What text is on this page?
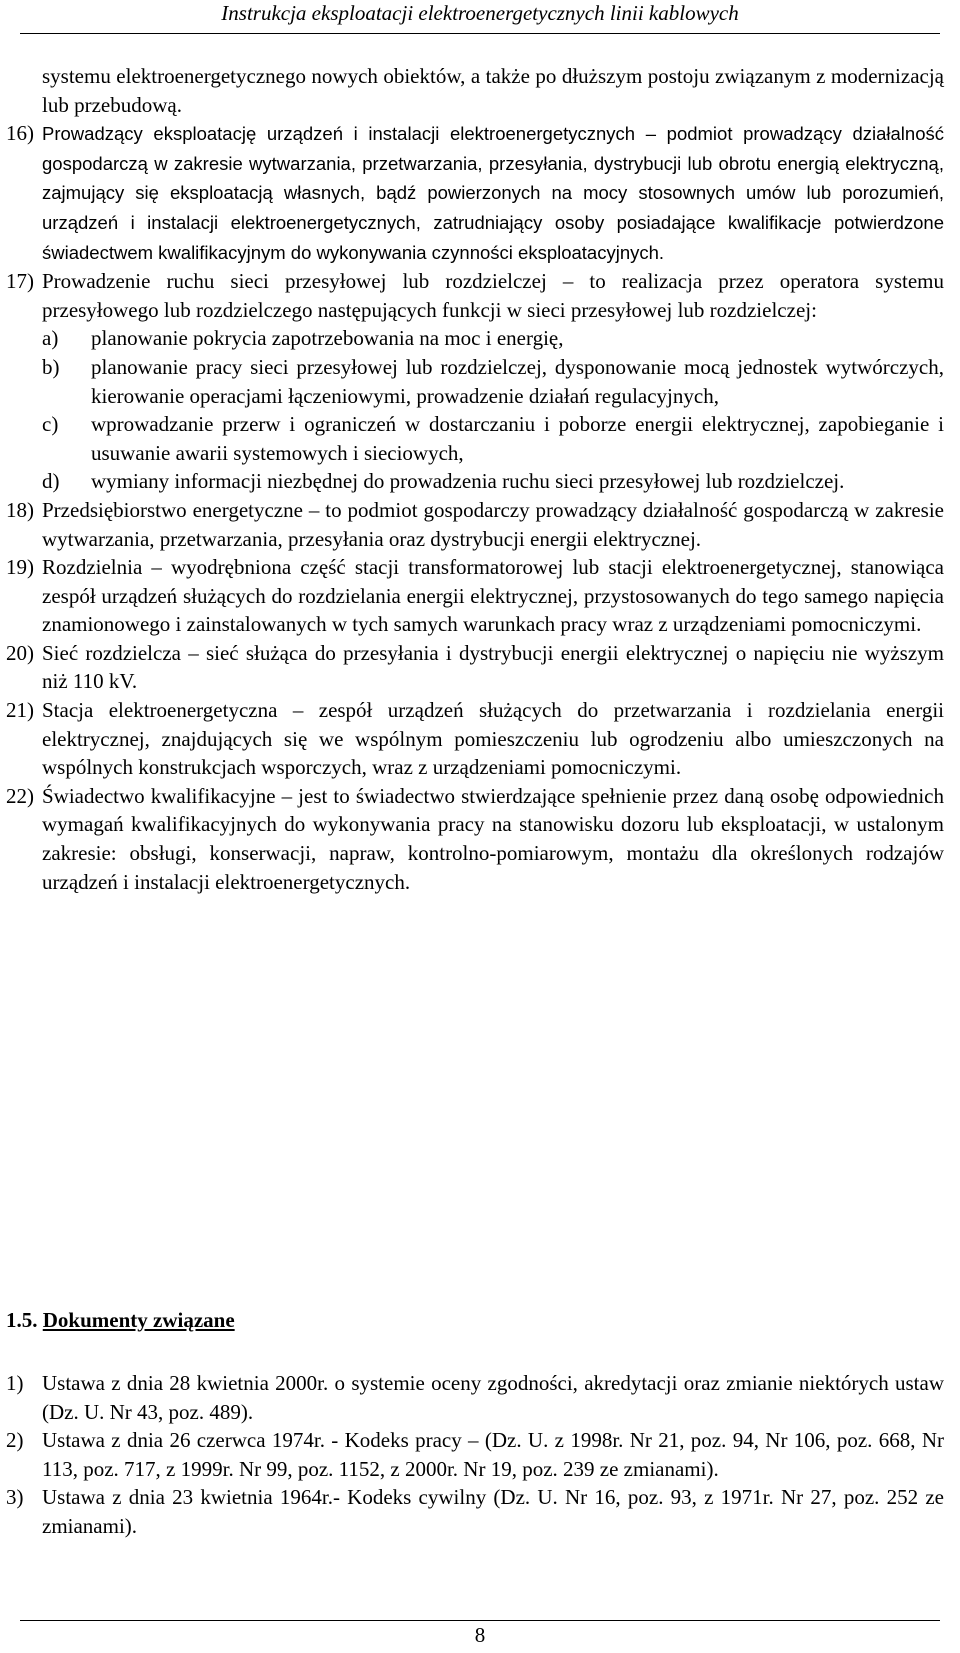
Instrukcja eksploatacji elektroenergetycznych linii kablowych
systemu elektroenergetycznego nowych obiektów, a także po dłuższym postoju związanym z modernizacją lub przebudową.
16) Prowadzący eksploatację urządzeń i instalacji elektroenergetycznych – podmiot prowadzący działalność gospodarczą w zakresie wytwarzania, przetwarzania, przesyłania, dystrybucji lub obrotu energią elektryczną, zajmujący się eksploatacją własnych, bądź powierzonych na mocy stosownych umów lub porozumień, urządzeń i instalacji elektroenergetycznych, zatrudniający osoby posiadające kwalifikacje potwierdzone świadectwem kwalifikacyjnym do wykonywania czynności eksploatacyjnych.
17) Prowadzenie ruchu sieci przesyłowej lub rozdzielczej – to realizacja przez operatora systemu przesyłowego lub rozdzielczego następujących funkcji w sieci przesyłowej lub rozdzielczej:
a) planowanie pokrycia zapotrzebowania na moc i energię,
b) planowanie pracy sieci przesyłowej lub rozdzielczej, dysponowanie mocą jednostek wytwórczych, kierowanie operacjami łączeniowymi, prowadzenie działań regulacyjnych,
c) wprowadzanie przerw i ograniczeń w dostarczaniu i poborze energii elektrycznej, zapobieganie i usuwanie awarii systemowych i sieciowych,
d) wymiany informacji niezbędnej do prowadzenia ruchu sieci przesyłowej lub rozdzielczej.
18) Przedsiębiorstwo energetyczne – to podmiot gospodarczy prowadzący działalność gospodarczą w zakresie wytwarzania, przetwarzania, przesyłania oraz dystrybucji energii elektrycznej.
19) Rozdzielnia – wyodrębniona część stacji transformatorowej lub stacji elektroenergetycznej, stanowiąca zespół urządzeń służących do rozdzielania energii elektrycznej, przystosowanych do tego samego napięcia znamionowego i zainstalowanych w tych samych warunkach pracy wraz z urządzeniami pomocniczymi.
20) Sieć rozdzielcza – sieć służąca do przesyłania i dystrybucji energii elektrycznej o napięciu nie wyższym niż 110 kV.
21) Stacja elektroenergetyczna – zespół urządzeń służących do przetwarzania i rozdzielania energii elektrycznej, znajdujących się we wspólnym pomieszczeniu lub ogrodzeniu albo umieszczonych na wspólnych konstrukcjach wsporczych, wraz z urządzeniami pomocniczymi.
22) Świadectwo kwalifikacyjne – jest to świadectwo stwierdzające spełnienie przez daną osobę odpowiednich wymagań kwalifikacyjnych do wykonywania pracy na stanowisku dozoru lub eksploatacji, w ustalonym zakresie: obsługi, konserwacji, napraw, kontrolno-pomiarowym, montażu dla określonych rodzajów urządzeń i instalacji elektroenergetycznych.
1.5. Dokumenty związane
1) Ustawa z dnia 28 kwietnia 2000r. o systemie oceny zgodności, akredytacji oraz zmianie niektórych ustaw (Dz. U. Nr 43, poz. 489).
2) Ustawa z dnia 26 czerwca 1974r. - Kodeks pracy – (Dz. U. z 1998r. Nr 21, poz. 94, Nr 106, poz. 668, Nr 113, poz. 717, z 1999r. Nr 99, poz. 1152, z 2000r. Nr 19, poz. 239 ze zmianami).
3) Ustawa z dnia 23 kwietnia 1964r.- Kodeks cywilny (Dz. U. Nr 16, poz. 93, z 1971r. Nr 27, poz. 252 ze zmianami).
8
